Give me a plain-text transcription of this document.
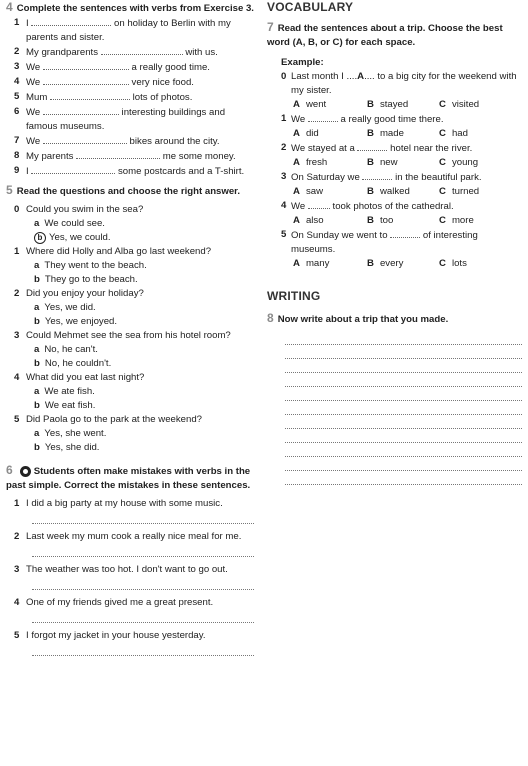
4 Complete the sentences with verbs from Exercise 3.
1 I	on holiday to Berlin with my parents and sister.
2 My grandparents	with us.
3 We	a really good time.
4 We	very nice food.
5 Mum	lots of photos.
6 We	interesting buildings and famous museums.
7 We	bikes around the city.
8 My parents	me some money.
9 I	some postcards and a T-shirt.
5 Read the questions and choose the right answer.
0 Could you swim in the sea?
a We could see.
b Yes, we could.
1 Where did Holly and Alba go last weekend?
a They went to the beach.
b They go to the beach.
2 Did you enjoy your holiday?
a Yes, we did.
b Yes, we enjoyed.
3 Could Mehmet see the sea from his hotel room?
a No, he can't.
b No, he couldn't.
4 What did you eat last night?
a We ate fish.
b We eat fish.
5 Did Paola go to the park at the weekend?
a Yes, she went.
b Yes, she did.
6 Students often make mistakes with verbs in the past simple. Correct the mistakes in these sentences.
1 I did a big party at my house with some music.
2 Last week my mum cook a really nice meal for me.
3 The weather was too hot. I don't want to go out.
4 One of my friends gived me a great present.
5 I forgot my jacket in your house yesterday.
VOCABULARY
7 Read the sentences about a trip. Choose the best word (A, B, or C) for each space.
Example:
0 Last month I ....A.... to a big city for the weekend with my sister.
A went	B stayed	C visited
1 We	a really good time there.
A did	B made	C had
2 We stayed at a	hotel near the river.
A fresh	B new	C young
3 On Saturday we	in the beautiful park.
A saw	B walked	C turned
4 We  took photos of the cathedral.
A also	B too	C more
5 On Sunday we went to	of interesting museums.
A many	B every	C lots
WRITING
8 Now write about a trip that you made.
